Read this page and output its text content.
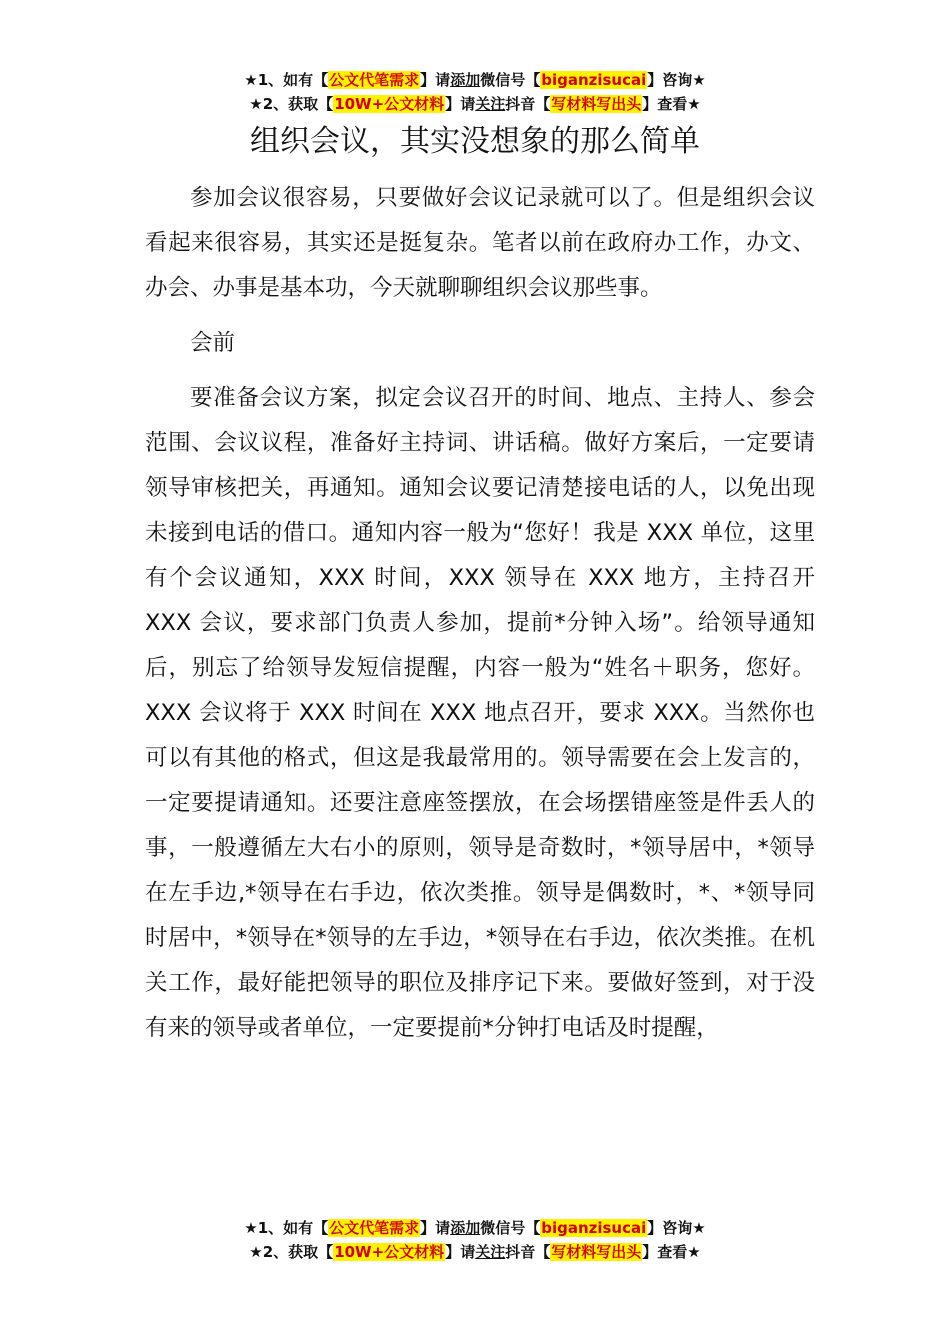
★1、如有【公文代笔需求】请添加微信号【biganzisucai】咨询★
★2、获取【10W+公文材料】请关注抖音【写材料写出头】查看★
组织会议，其实没想象的那么简单

参加会议很容易，只要做好会议记录就可以了。但是组织会议看起来很容易，其实还是挺复杂。笔者以前在政府办工作，办文、办会、办事是基本功，今天就聊聊组织会议那些事。

会前

要准备会议方案，拟定会议召开的时间、地点、主持人、参会范围、会议议程，准备好主持词、讲话稿。做好方案后，一定要请领导审核把关，再通知。通知会议要记清楚接电话的人，以免出现未接到电话的借口。通知内容一般为“您好！我是 XXX 单位，这里有个会议通知，XXX 时间，XXX 领导在 XXX 地方，主持召开 XXX 会议，要求部门负责人参加，提前*分钟入场”。给领导通知后，别忘了给领导发短信提醒，内容一般为“姓名＋职务，您好。XXX 会议将于 XXX 时间在 XXX 地点召开，要求 XXX。当然你也可以有其他的格式，但这是我最常用的。领导需要在会上发言的，一定要提请通知。还要注意座签摆放，在会场摆错座签是件丢人的事，一般遵循左大右小的原则，领导是奇数时，*领导居中，*领导在左手边,*领导在右手边，依次类推。领导是偶数时，*、*领导同时居中，*领导在*领导的左手边，*领导在右手边，依次类推。在机关工作，最好能把领导的职位及排序记下来。要做好签到，对于没有来的领导或者单位，一定要提前*分钟打电话及时提醒，

★1、如有【公文代笔需求】请添加微信号【biganzisucai】咨询★
★2、获取【10W+公文材料】请关注抖音【写材料写出头】查看★
